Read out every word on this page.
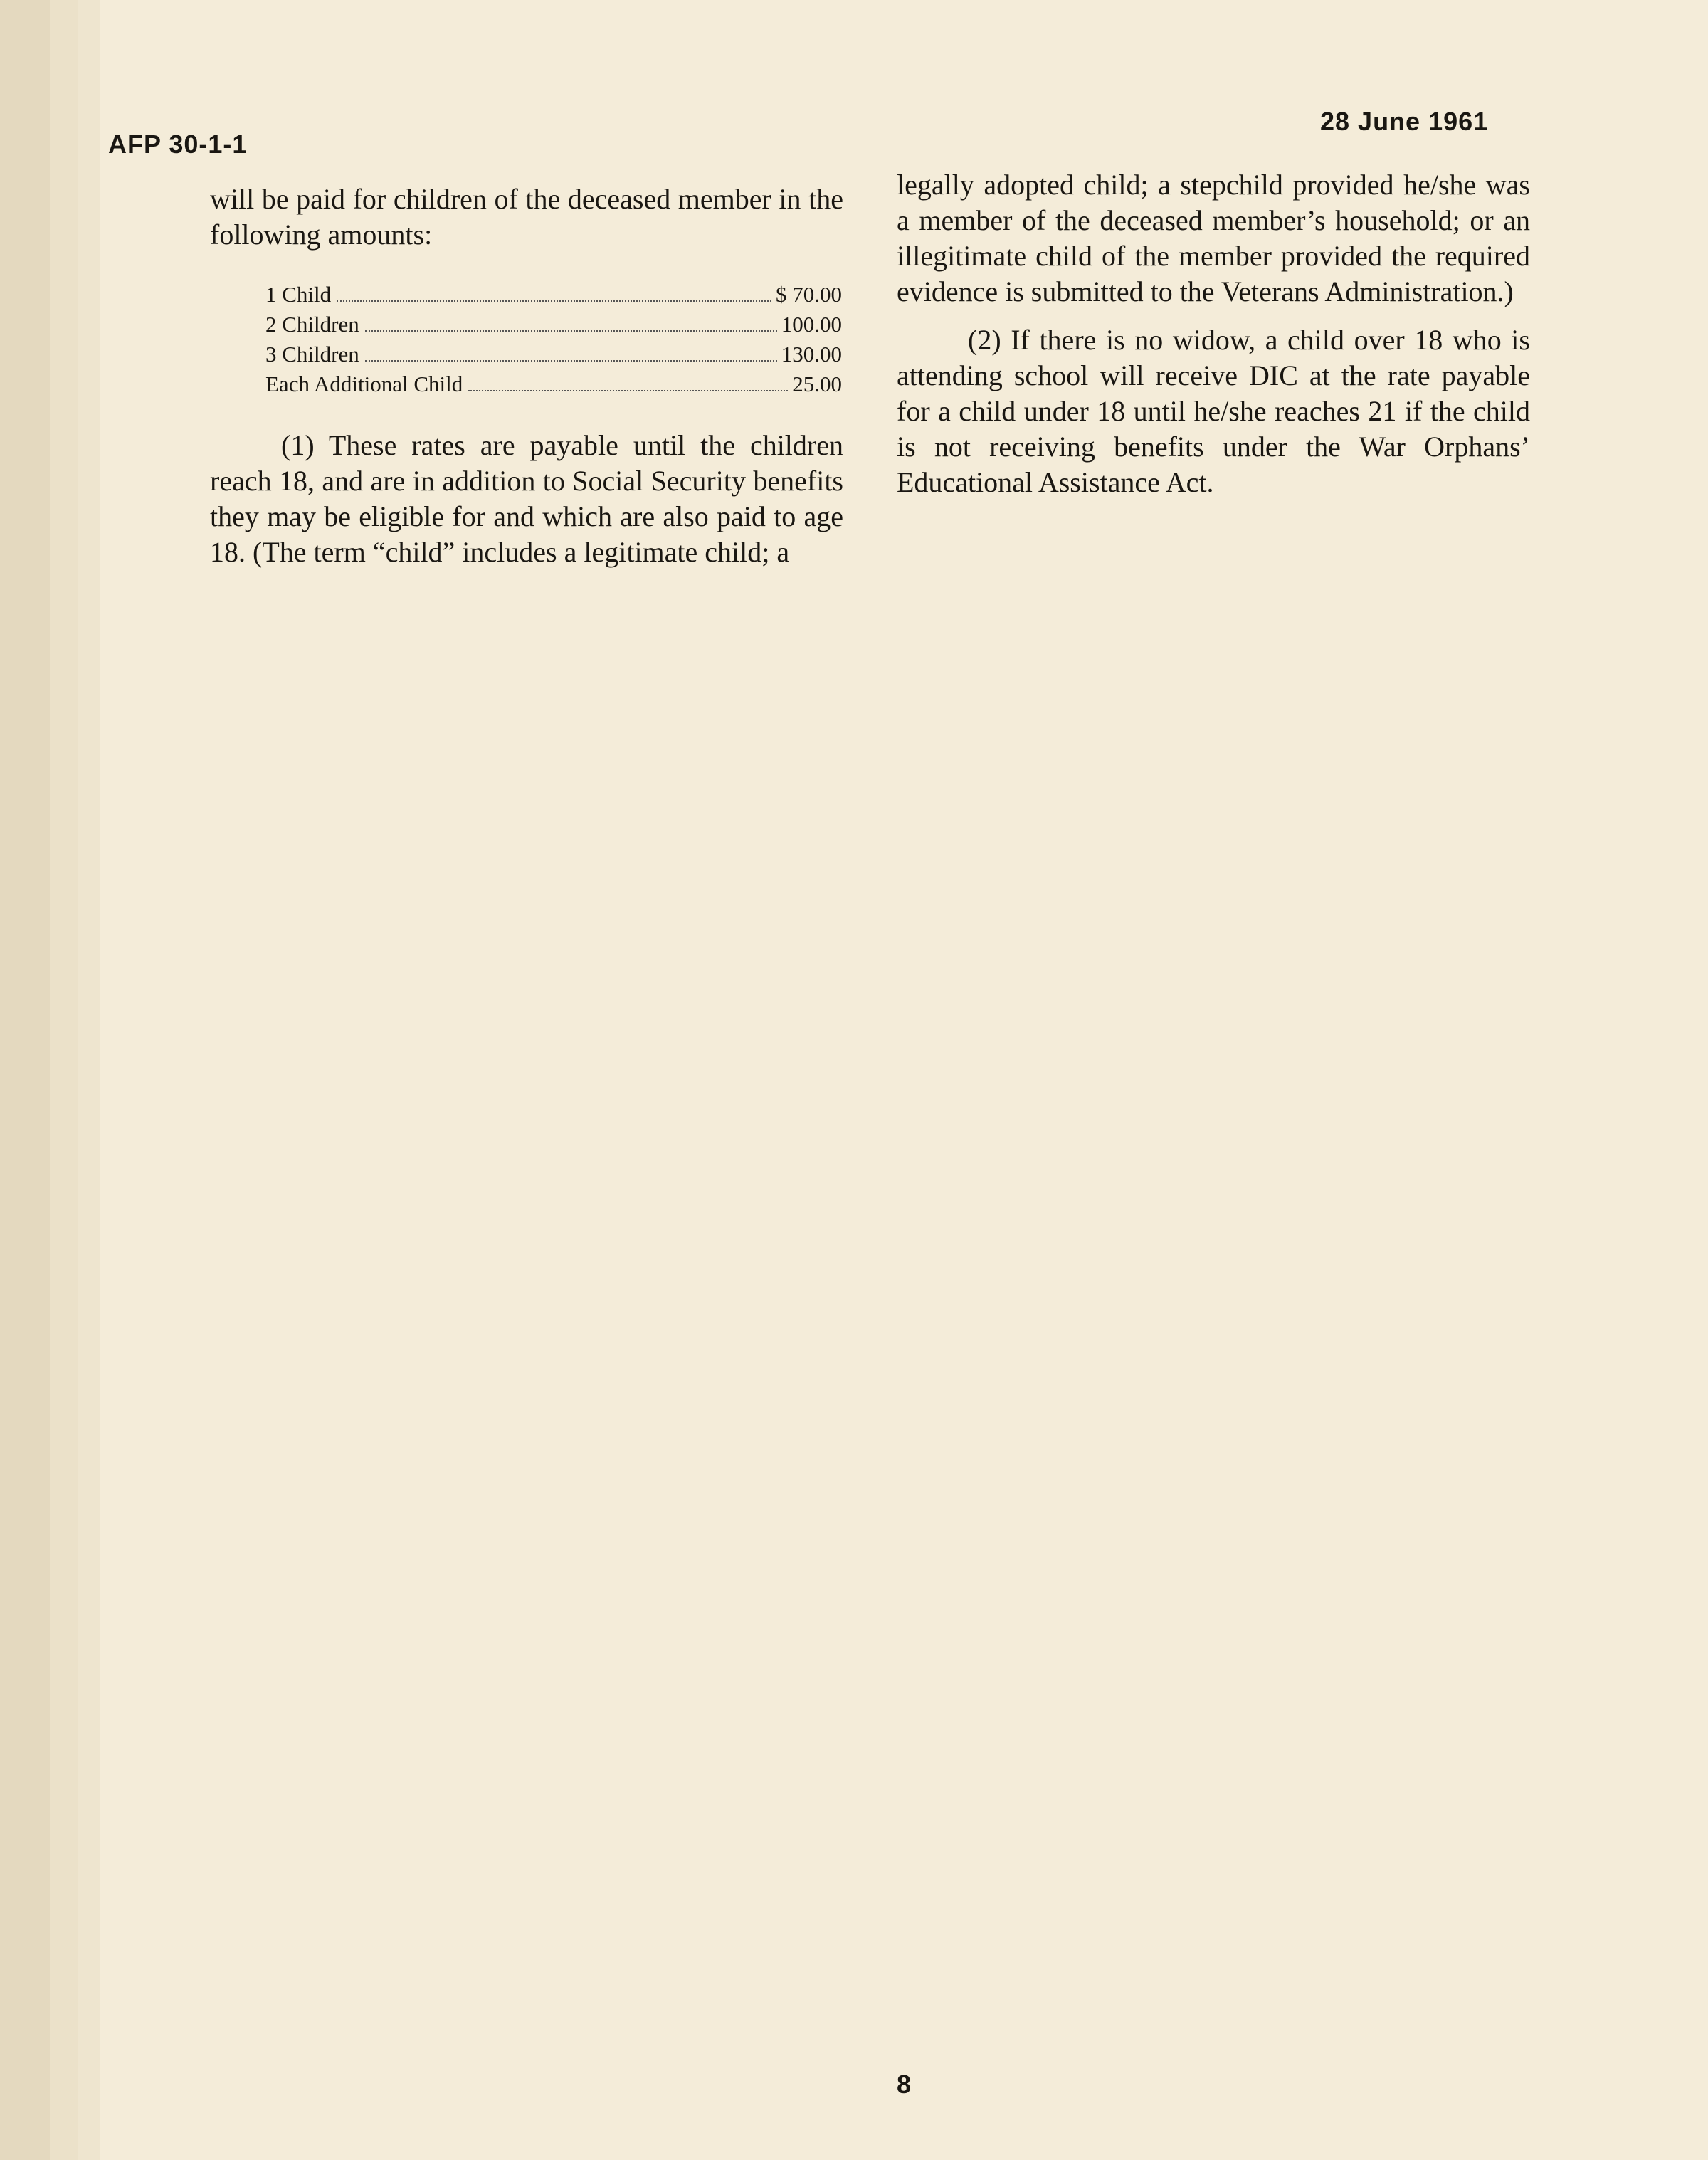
AFP 30-1-1
28 June 1961

will be paid for children of the deceased member in the following amounts:

1 Child	$ 70.00
2 Children	100.00
3 Children	130.00
Each Additional Child	25.00

(1) These rates are payable until the children reach 18, and are in addition to Social Security benefits they may be eligible for and which are also paid to age 18. (The term “child” includes a legitimate child; a

legally adopted child; a stepchild provided he/she was a member of the deceased member’s household; or an illegitimate child of the member provided the required evidence is submitted to the Veterans Administration.)

(2) If there is no widow, a child over 18 who is attending school will receive DIC at the rate payable for a child under 18 until he/she reaches 21 if the child is not receiving benefits under the War Orphans’ Educational Assistance Act.

8
